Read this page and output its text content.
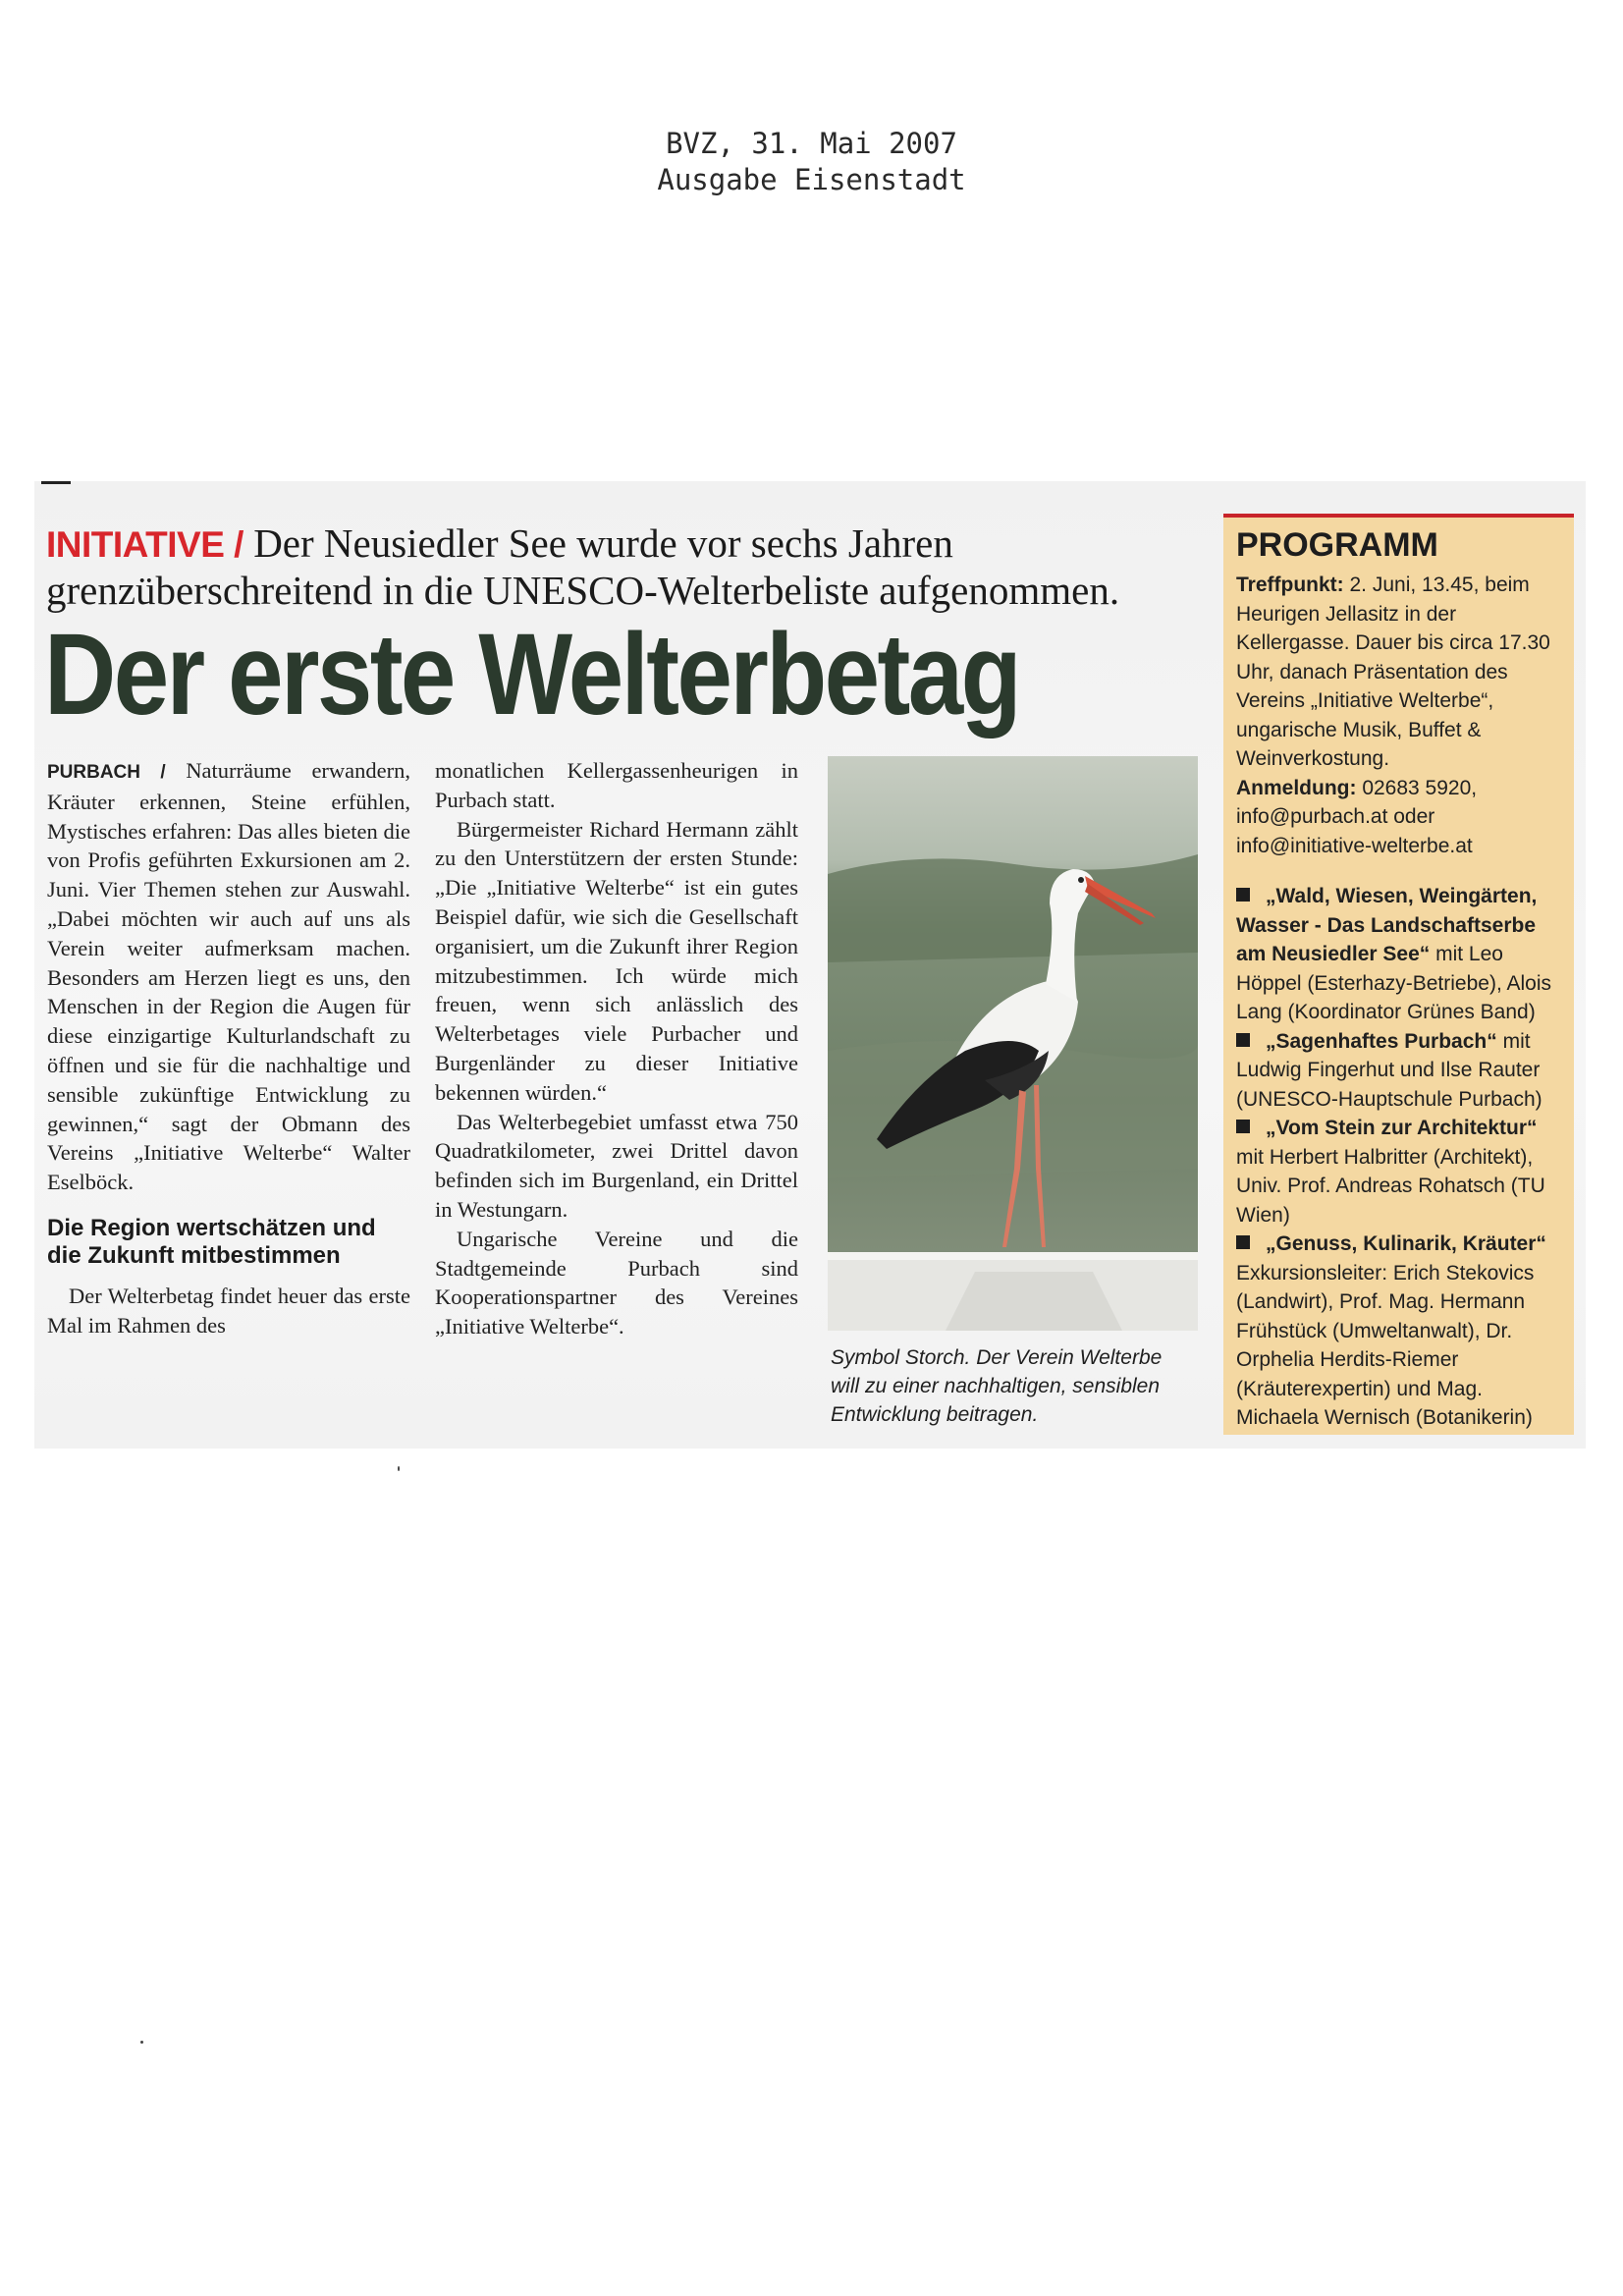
BVZ, 31. Mai 2007
Ausgabe Eisenstadt
INITIATIVE / Der Neusiedler See wurde vor sechs Jahren grenzüberschreitend in die UNESCO-Welterbeliste aufgenommen.
Der erste Welterbetag

PURBACH / Naturräume erwandern, Kräuter erkennen, Steine erfühlen, Mystisches erfahren: Das alles bieten die von Profis geführten Exkursionen am 2. Juni. Vier Themen stehen zur Auswahl. „Dabei möchten wir auch auf uns als Verein weiter aufmerksam machen. Besonders am Herzen liegt es uns, den Menschen in der Region die Augen für diese einzigartige Kulturlandschaft zu öffnen und sie für die nachhaltige und sensible zukünftige Entwicklung zu gewinnen,“ sagt der Obmann des Vereins „Initiative Welterbe“ Walter Eselböck.

Die Region wertschätzen und die Zukunft mitbestimmen

Der Welterbetag findet heuer das erste Mal im Rahmen des

monatlichen Kellergassenheurigen in Purbach statt.

Bürgermeister Richard Hermann zählt zu den Unterstützern der ersten Stunde: „Die „Initiative Welterbe“ ist ein gutes Beispiel dafür, wie sich die Gesellschaft organisiert, um die Zukunft ihrer Region mitzubestimmen. Ich würde mich freuen, wenn sich anlässlich des Welterbetages viele Purbacher und Burgenländer zu dieser Initiative bekennen würden.“

Das Welterbegebiet umfasst etwa 750 Quadratkilometer, zwei Drittel davon befinden sich im Burgenland, ein Drittel in Westungarn.

Ungarische Vereine und die Stadtgemeinde Purbach sind Kooperationspartner des Vereines „Initiative Welterbe“.

Symbol Storch. Der Verein Welterbe will zu einer nachhaltigen, sensiblen Entwicklung beitragen.
PROGRAMM

Treffpunkt: 2. Juni, 13.45, beim Heurigen Jellasitz in der Kellergasse. Dauer bis circa 17.30 Uhr, danach Präsentation des Vereins „Initiative Welterbe“, ungarische Musik, Buffet & Weinverkostung.

Anmeldung: 02683 5920, info@purbach.at oder info@initiative-welterbe.at

„Wald, Wiesen, Weingärten, Wasser - Das Landschaftserbe am Neusiedler See“ mit Leo Höppel (Esterhazy-Betriebe), Alois Lang (Koordinator Grünes Band)

„Sagenhaftes Purbach“ mit Ludwig Fingerhut und Ilse Rauter (UNESCO-Hauptschule Purbach)

„Vom Stein zur Architektur“ mit Herbert Halbritter (Architekt), Univ. Prof. Andreas Rohatsch (TU Wien)

„Genuss, Kulinarik, Kräuter“ Exkursionsleiter: Erich Stekovics (Landwirt), Prof. Mag. Hermann Frühstück (Umweltanwalt), Dr. Orphelia Herdits-Riemer (Kräuterexpertin) und Mag. Michaela Wernisch (Botanikerin)
